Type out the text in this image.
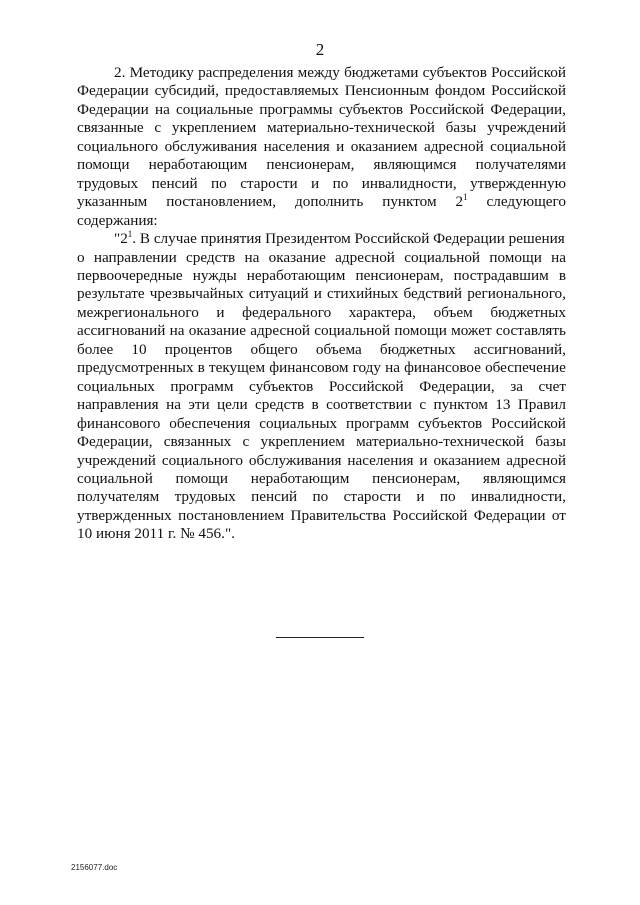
2
2. Методику распределения между бюджетами субъектов Российской
Федерации субсидий, предоставляемых Пенсионным фондом Российской
Федерации на социальные программы субъектов Российской Федерации,
связанные с укреплением материально-технической базы учреждений
социального обслуживания населения и оказанием адресной социальной
помощи неработающим пенсионерам, являющимся получателями
трудовых пенсий по старости и по инвалидности, утвержденную
указанным постановлением, дополнить пунктом $2^1$ следующего
содержания:
"$2^1$. В случае принятия Президентом Российской Федерации решения
о направлении средств на оказание адресной социальной помощи на
первоочередные нужды неработающим пенсионерам, пострадавшим в
результате чрезвычайных ситуаций и стихийных бедствий регионального,
межрегионального и федерального характера, объем бюджетных
ассигнований на оказание адресной социальной помощи может составлять
более 10 процентов общего объема бюджетных ассигнований,
предусмотренных в текущем финансовом году на финансовое обеспечение
социальных программ субъектов Российской Федерации, за счет
направления на эти цели средств в соответствии с пунктом 13 Правил
финансового обеспечения социальных программ субъектов Российской
Федерации, связанных с укреплением материально-технической базы
учреждений социального обслуживания населения и оказанием адресной
социальной помощи неработающим пенсионерам, являющимся
получателям трудовых пенсий по старости и по инвалидности,
утвержденных постановлением Правительства Российской Федерации от
10 июня 2011 г. № 456.".
2156077.doc
